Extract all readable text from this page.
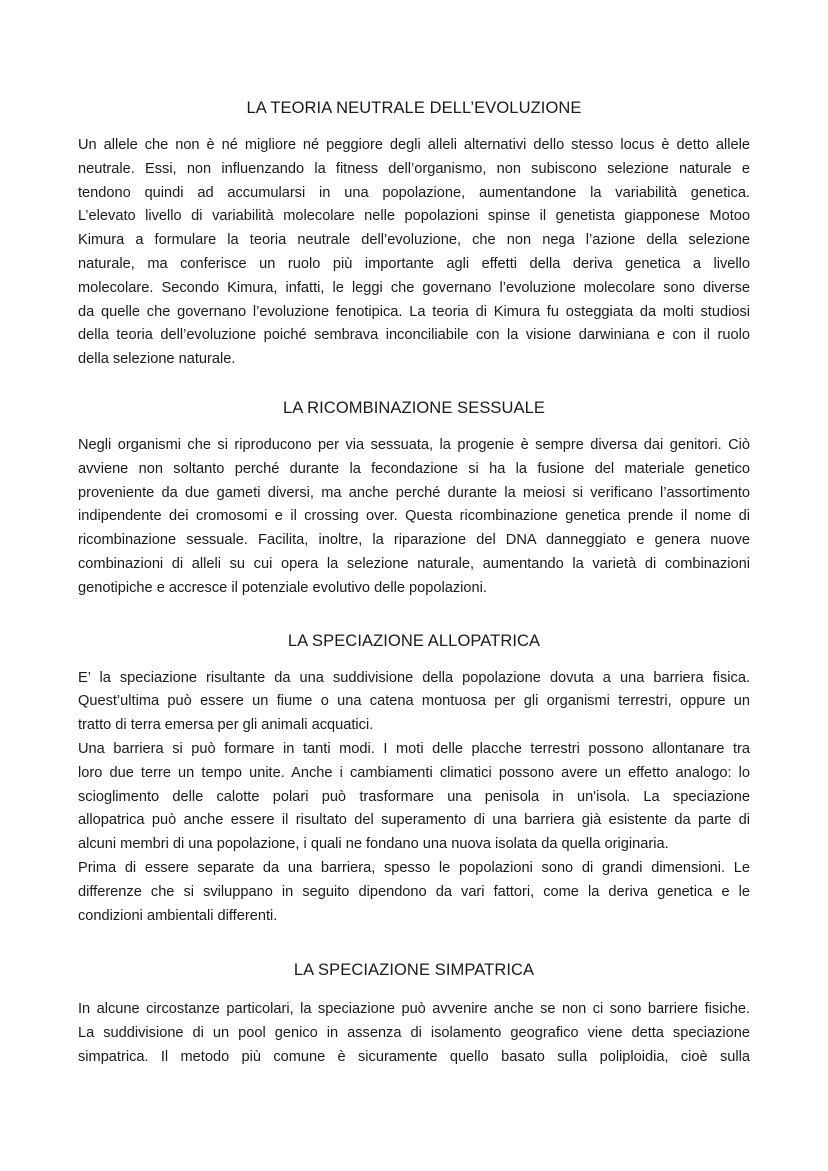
LA TEORIA NEUTRALE DELL’EVOLUZIONE

Un allele che non è né migliore né peggiore degli alleli alternativi dello stesso locus è detto allele
neutrale. Essi, non influenzando la fitness dell’organismo, non subiscono selezione naturale e
tendono quindi ad accumularsi in una popolazione, aumentandone la variabilità genetica.
L’elevato livello di variabilità molecolare nelle popolazioni spinse il genetista giapponese Motoo
Kimura a formulare la teoria neutrale dell’evoluzione, che non nega l’azione della selezione
naturale, ma conferisce un ruolo più importante agli effetti della deriva genetica a livello
molecolare. Secondo Kimura, infatti, le leggi che governano l’evoluzione molecolare sono diverse
da quelle che governano l’evoluzione fenotipica. La teoria di Kimura fu osteggiata da molti studiosi
della teoria dell’evoluzione poiché sembrava inconciliabile con la visione darwiniana e con il ruolo
della selezione naturale.

LA RICOMBINAZIONE SESSUALE

Negli organismi che si riproducono per via sessuata, la progenie è sempre diversa dai genitori. Ciò
avviene non soltanto perché durante la fecondazione si ha la fusione del materiale genetico
proveniente da due gameti diversi, ma anche perché durante la meiosi si verificano l’assortimento
indipendente dei cromosomi e il crossing over. Questa ricombinazione genetica prende il nome di
ricombinazione sessuale. Facilita, inoltre, la riparazione del DNA danneggiato e genera nuove
combinazioni di alleli su cui opera la selezione naturale, aumentando la varietà di combinazioni
genotipiche e accresce il potenziale evolutivo delle popolazioni.

LA SPECIAZIONE ALLOPATRICA

E’ la speciazione risultante da una suddivisione della popolazione dovuta a una barriera fisica.
Quest’ultima può essere un fiume o una catena montuosa per gli organismi terrestri, oppure un
tratto di terra emersa per gli animali acquatici.
Una barriera si può formare in tanti modi. I moti delle placche terrestri possono allontanare tra
loro due terre un tempo unite. Anche i cambiamenti climatici possono avere un effetto analogo: lo
scioglimento delle calotte polari può trasformare una penisola in un'isola. La speciazione
allopatrica può anche essere il risultato del superamento di una barriera già esistente da parte di
alcuni membri di una popolazione, i quali ne fondano una nuova isolata da quella originaria.
Prima di essere separate da una barriera, spesso le popolazioni sono di grandi dimensioni. Le
differenze che si sviluppano in seguito dipendono da vari fattori, come la deriva genetica e le
condizioni ambientali differenti.

LA SPECIAZIONE SIMPATRICA

In alcune circostanze particolari, la speciazione può avvenire anche se non ci sono barriere fisiche.
La suddivisione di un pool genico in assenza di isolamento geografico viene detta speciazione
simpatrica. Il metodo più comune è sicuramente quello basato sulla poliploidia, cioè sulla
